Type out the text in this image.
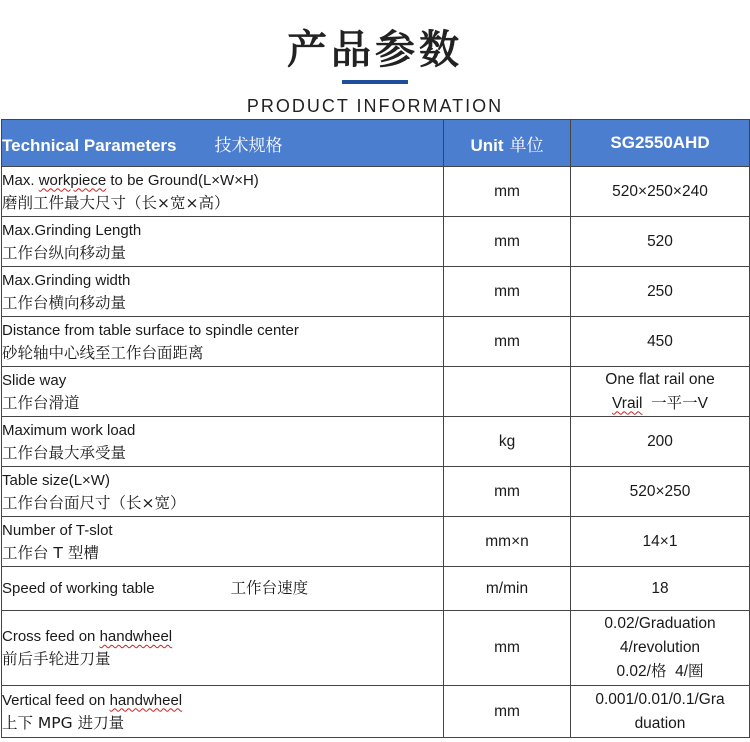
产品参数
PRODUCT INFORMATION
Technical Parameters 技术规格	Unit 单位	SG2550AHD

Max. workpiece to be Ground(L×W×H)
磨削工件最大尺寸（长×宽×高）	mm	520×250×240

Max.Grinding Length
工作台纵向移动量	mm	520

Max.Grinding width
工作台横向移动量	mm	250

Distance from table surface to spindle center
砂轮轴中心线至工作台面距离	mm	450

Slide way
工作台滑道		One flat rail one
Vrail  一平一V

Maximum work load
工作台最大承受量	kg	200

Table size(L×W)
工作台台面尺寸（长×宽）	mm	520×250

Number of T-slot
工作台 T 型槽	mm×n	14×1

Speed of working table 工作台速度	m/min	18

Cross feed on handwheel
前后手轮进刀量	mm	0.02/Graduation
4/revolution
0.02/格  4/圈

Vertical feed on handwheel
上下 MPG 进刀量	mm	0.001/0.01/0.1/Gra
duation
